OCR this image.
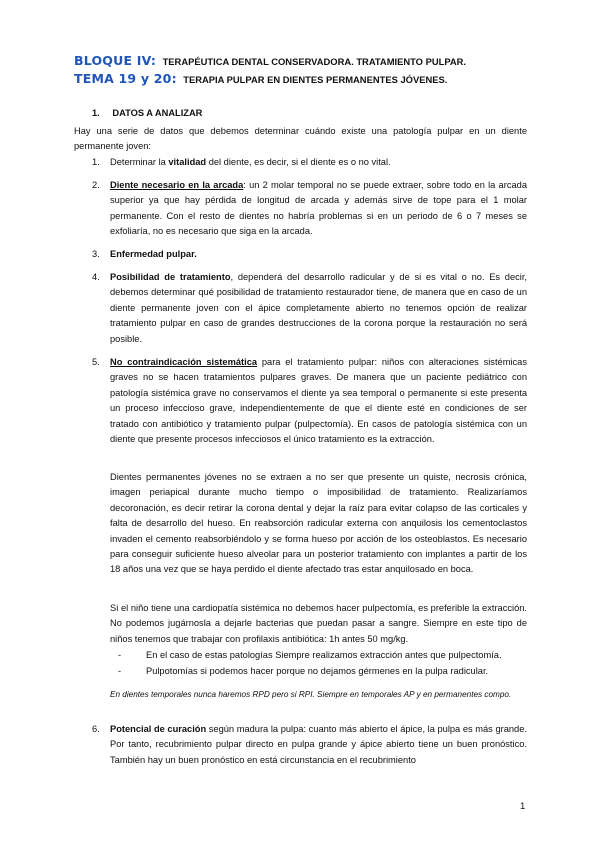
BLOQUE IV: TERAPÉUTICA DENTAL CONSERVADORA. TRATAMIENTO PULPAR.
TEMA 19 y 20: TERAPIA PULPAR EN DIENTES PERMANENTES JÓVENES.
1. DATOS A ANALIZAR
Hay una serie de datos que debemos determinar cuándo existe una patología pulpar en un diente permanente joven:
1. Determinar la vitalidad del diente, es decir, si el diente es o no vital.
2. Diente necesario en la arcada: un 2 molar temporal no se puede extraer, sobre todo en la arcada superior ya que hay pérdida de longitud de arcada y además sirve de tope para el 1 molar permanente. Con el resto de dientes no habría problemas si en un periodo de 6 o 7 meses se exfoliaría, no es necesario que siga en la arcada.
3. Enfermedad pulpar.
4. Posibilidad de tratamiento, dependerá del desarrollo radicular y de si es vital o no. Es decir, debemos determinar qué posibilidad de tratamiento restaurador tiene, de manera que en caso de un diente permanente joven con el ápice completamente abierto no tenemos opción de realizar tratamiento pulpar en caso de grandes destrucciones de la corona porque la restauración no será posible.
5. No contraindicación sistemática para el tratamiento pulpar: niños con alteraciones sistémicas graves no se hacen tratamientos pulpares graves. De manera que un paciente pediátrico con patología sistémica grave no conservamos el diente ya sea temporal o permanente si este presenta un proceso infeccioso grave, independientemente de que el diente esté en condiciones de ser tratado con antibiótico y tratamiento pulpar (pulpectomía). En casos de patología sistémica con un diente que presente procesos infecciosos el único tratamiento es la extracción.
Dientes permanentes jóvenes no se extraen a no ser que presente un quiste, necrosis crónica, imagen periapical durante mucho tiempo o imposibilidad de tratamiento. Realizaríamos decoronación, es decir retirar la corona dental y dejar la raíz para evitar colapso de las corticales y falta de desarrollo del hueso. En reabsorción radicular externa con anquilosis los cementoclastos invaden el cemento reabsorbiéndolo y se forma hueso por acción de los osteoblastos. Es necesario para conseguir suficiente hueso alveolar para un posterior tratamiento con implantes a partir de los 18 años una vez que se haya perdido el diente afectado tras estar anquilosado en boca.
Si el niño tiene una cardiopatía sistémica no debemos hacer pulpectomía, es preferible la extracción. No podemos jugárnosla a dejarle bacterias que puedan pasar a sangre. Siempre en este tipo de niños tenemos que trabajar con profilaxis antibiótica: 1h antes 50 mg/kg.
-	En el caso de estas patologías Siempre realizamos extracción antes que pulpectomía.
-	Pulpotomías si podemos hacer porque no dejamos gérmenes en la pulpa radicular.
En dientes temporales nunca haremos RPD pero si RPI. Siempre en temporales AP y en permanentes compo.
6. Potencial de curación según madura la pulpa: cuanto más abierto el ápice, la pulpa es más grande. Por tanto, recubrimiento pulpar directo en pulpa grande y ápice abierto tiene un buen pronóstico. También hay un buen pronóstico en está circunstancia en el recubrimiento
1
